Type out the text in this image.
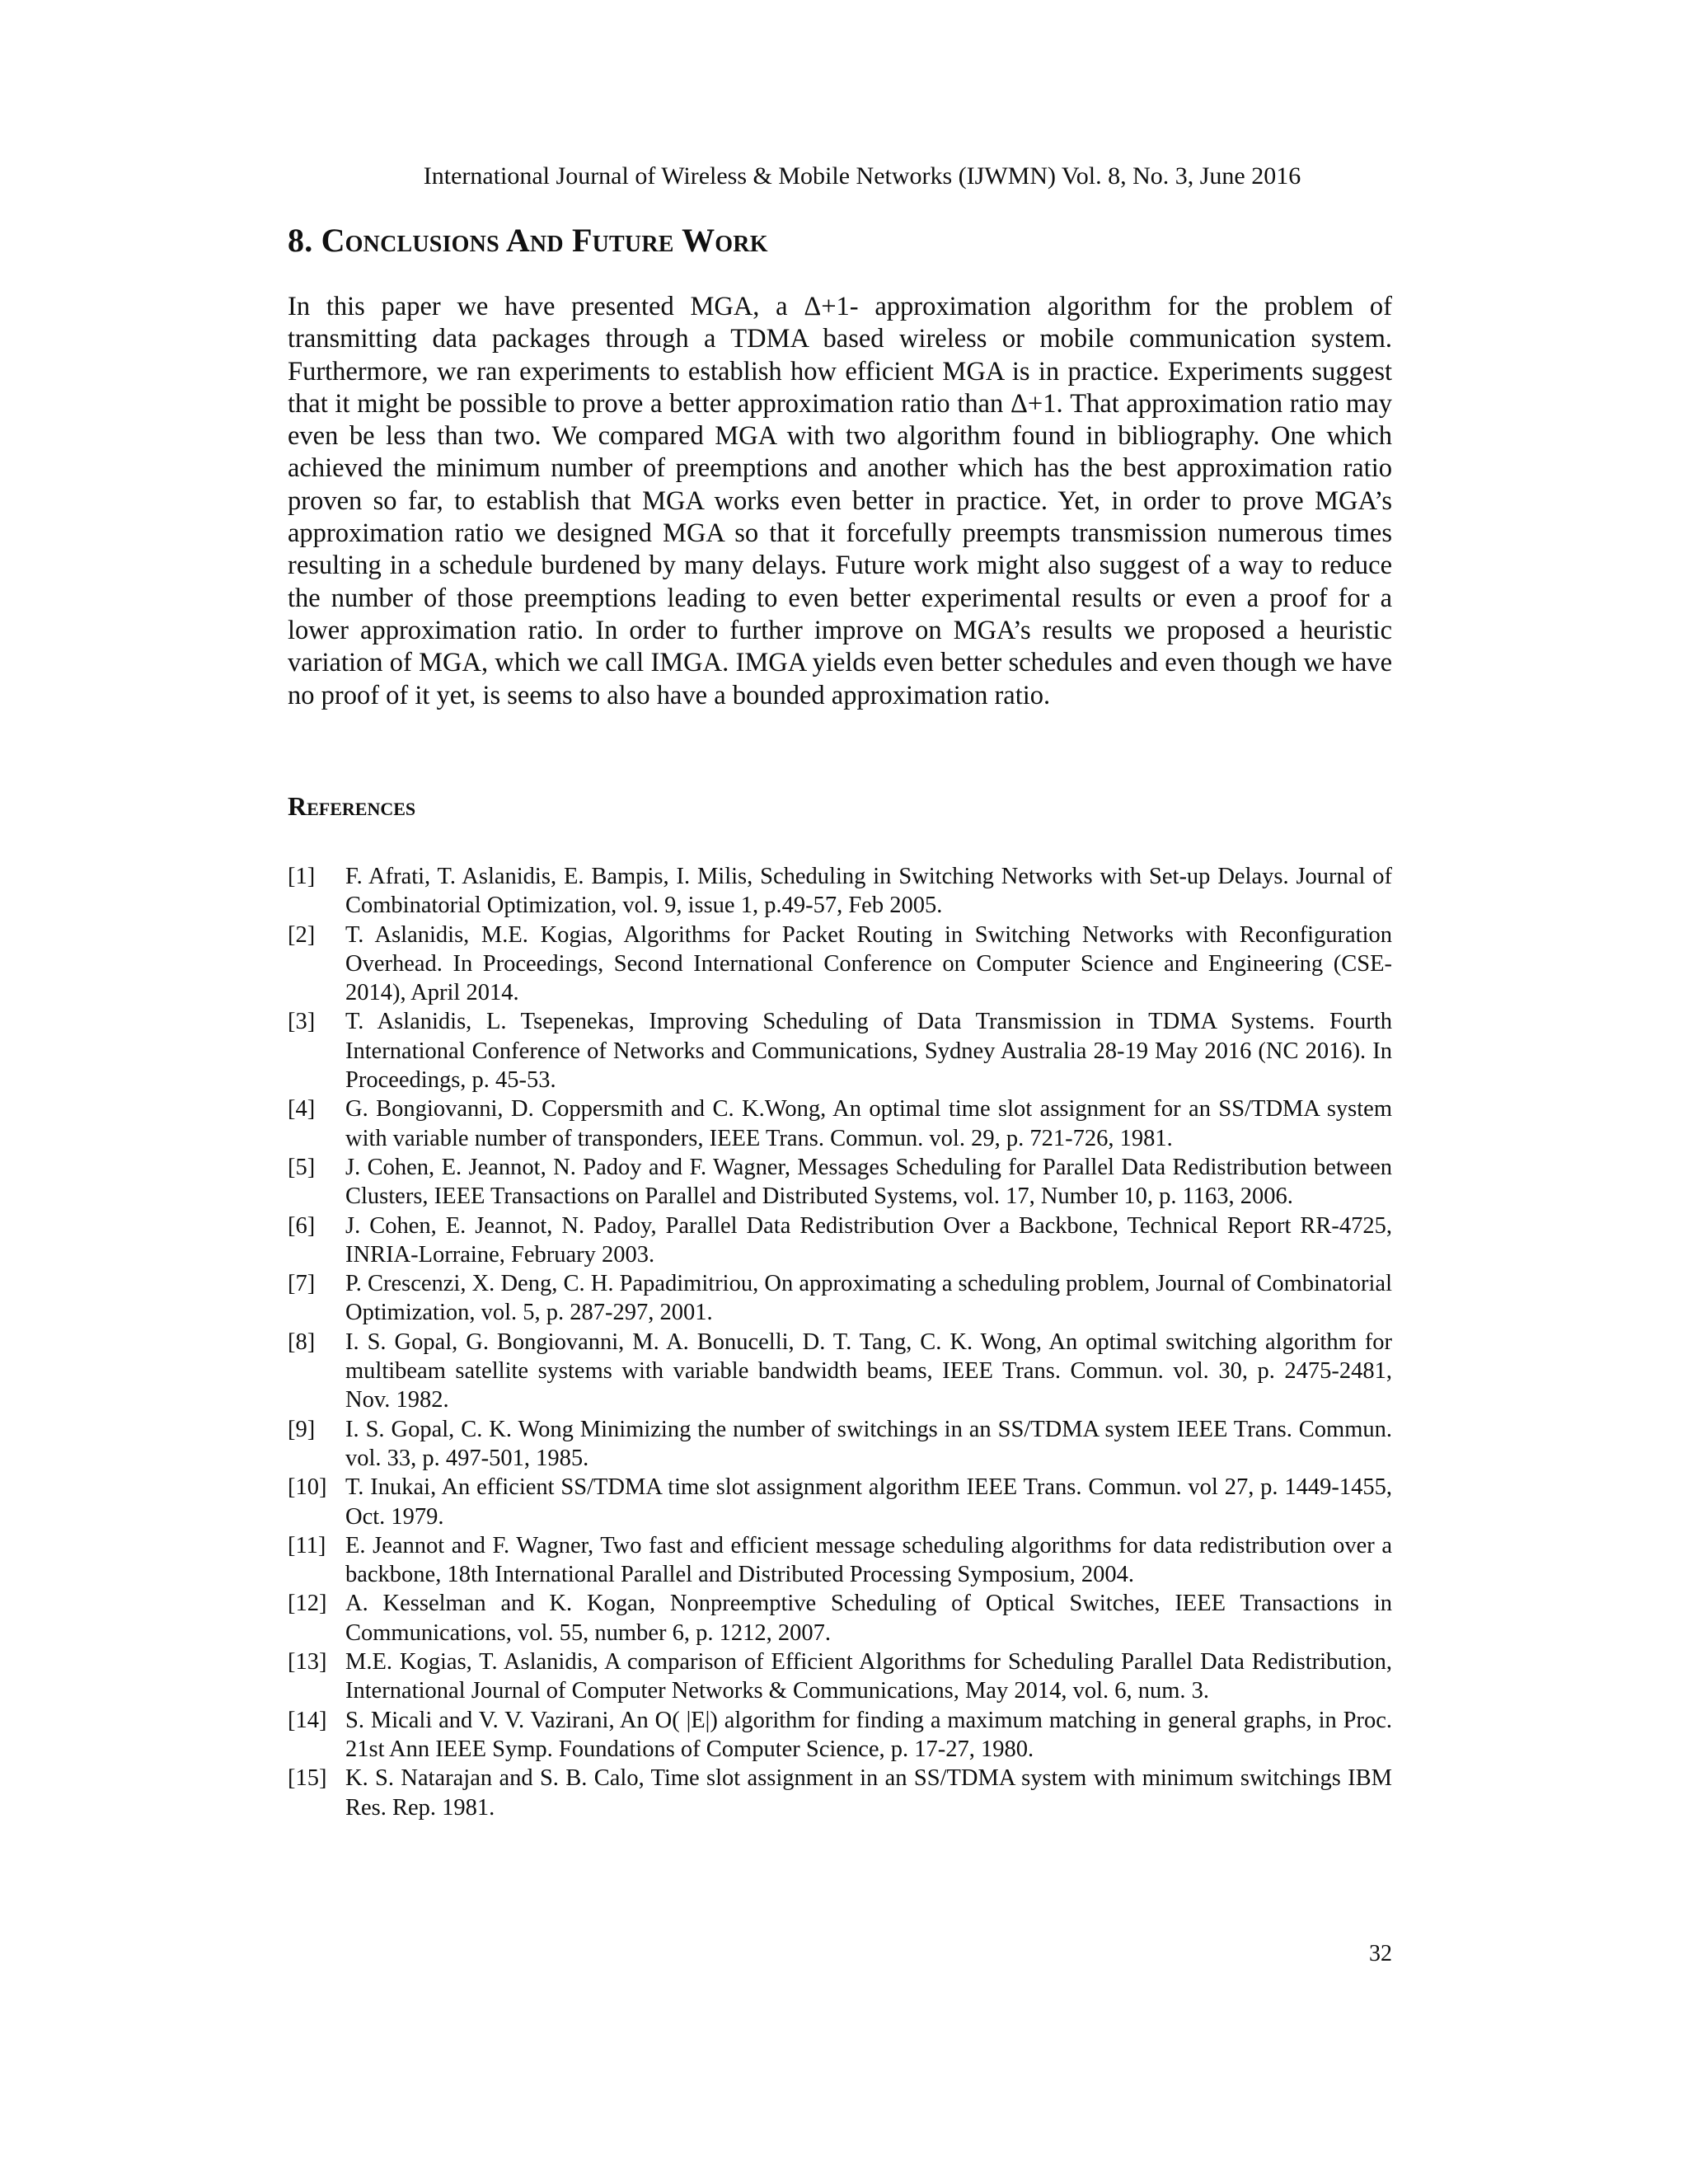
International Journal of Wireless & Mobile Networks (IJWMN) Vol. 8, No. 3, June 2016
8. Conclusions And Future Work

In this paper we have presented MGA, a Δ+1- approximation algorithm for the problem of transmitting data packages through a TDMA based wireless or mobile communication system. Furthermore, we ran experiments to establish how efficient MGA is in practice. Experiments suggest that it might be possible to prove a better approximation ratio than Δ+1. That approximation ratio may even be less than two. We compared MGA with two algorithm found in bibliography. One which achieved the minimum number of preemptions and another which has the best approximation ratio proven so far, to establish that MGA works even better in practice. Yet, in order to prove MGA’s approximation ratio we designed MGA so that it forcefully preempts transmission numerous times resulting in a schedule burdened by many delays. Future work might also suggest of a way to reduce the number of those preemptions leading to even better experimental results or even a proof for a lower approximation ratio. In order to further improve on MGA’s results we proposed a heuristic variation of MGA, which we call IMGA. IMGA yields even better schedules and even though we have no proof of it yet, is seems to also have a bounded approximation ratio.

References
[1]	F. Afrati, T. Aslanidis, E. Bampis, I. Milis, Scheduling in Switching Networks with Set-up Delays. Journal of Combinatorial Optimization, vol. 9, issue 1, p.49-57, Feb 2005.
[2]	T. Aslanidis, M.E. Kogias, Algorithms for Packet Routing in Switching Networks with Reconfiguration Overhead. In Proceedings, Second International Conference on Computer Science and Engineering (CSE-2014), April 2014.
[3]	T. Aslanidis, L. Tsepenekas, Improving Scheduling of Data Transmission in TDMA Systems. Fourth International Conference of Networks and Communications, Sydney Australia 28-19 May 2016 (NC 2016). In Proceedings, p. 45-53.
[4]	G. Bongiovanni, D. Coppersmith and C. K.Wong, An optimal time slot assignment for an SS/TDMA system with variable number of transponders, IEEE Trans. Commun. vol. 29, p. 721-726, 1981.
[5]	J. Cohen, E. Jeannot, N. Padoy and F. Wagner, Messages Scheduling for Parallel Data Redistribution between Clusters, IEEE Transactions on Parallel and Distributed Systems, vol. 17, Number 10, p. 1163, 2006.
[6]	J. Cohen, E. Jeannot, N. Padoy, Parallel Data Redistribution Over a Backbone, Technical Report RR-4725, INRIA-Lorraine, February 2003.
[7]	P. Crescenzi, X. Deng, C. H. Papadimitriou, On approximating a scheduling problem, Journal of Combinatorial Optimization, vol. 5, p. 287-297, 2001.
[8]	I. S. Gopal, G. Bongiovanni, M. A. Bonucelli, D. T. Tang, C. K. Wong, An optimal switching algorithm for multibeam satellite systems with variable bandwidth beams, IEEE Trans. Commun. vol. 30, p. 2475-2481, Nov. 1982.
[9]	I. S. Gopal, C. K. Wong Minimizing the number of switchings in an SS/TDMA system IEEE Trans. Commun. vol. 33, p. 497-501, 1985.
[10] T. Inukai, An efficient SS/TDMA time slot assignment algorithm IEEE Trans. Commun. vol 27, p. 1449-1455, Oct. 1979.
[11] E. Jeannot and F. Wagner, Two fast and efficient message scheduling algorithms for data redistribution over a backbone, 18th International Parallel and Distributed Processing Symposium, 2004.
[12] A. Kesselman and K. Kogan, Nonpreemptive Scheduling of Optical Switches, IEEE Transactions in Communications, vol. 55, number 6, p. 1212, 2007.
[13] M.E. Kogias, T. Aslanidis, A comparison of Efficient Algorithms for Scheduling Parallel Data Redistribution, International Journal of Computer Networks & Communications, May 2014, vol. 6, num. 3.
[14] S. Micali and V. V. Vazirani, An O( |E|) algorithm for finding a maximum matching in general graphs, in Proc. 21st Ann IEEE Symp. Foundations of Computer Science, p. 17-27, 1980.
[15] K. S. Natarajan and S. B. Calo, Time slot assignment in an SS/TDMA system with minimum switchings IBM Res. Rep. 1981.
32
